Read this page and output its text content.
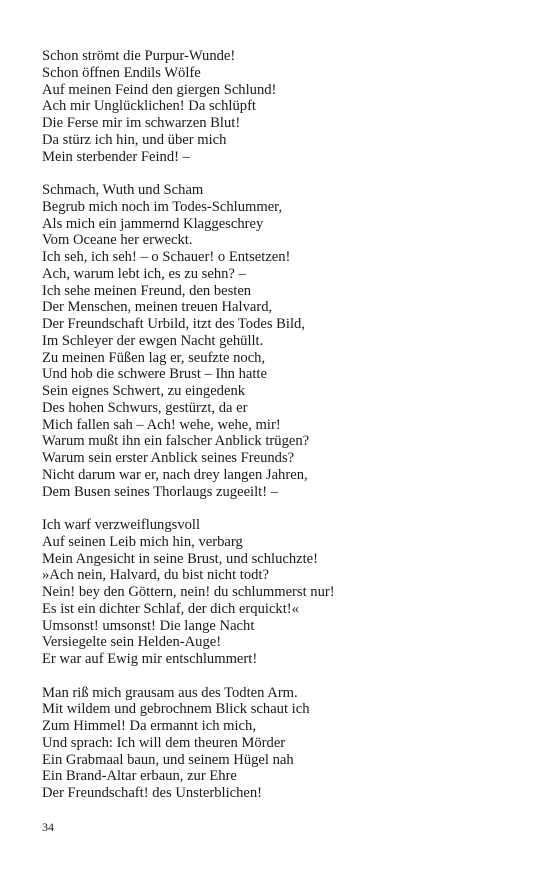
Schon strömt die Purpur-Wunde!
Schon öffnen Endils Wölfe
Auf meinen Feind den giergen Schlund!
Ach mir Unglücklichen! Da schlüpft
Die Ferse mir im schwarzen Blut!
Da stürz ich hin, und über mich
Mein sterbender Feind! –
Schmach, Wuth und Scham
Begrub mich noch im Todes-Schlummer,
Als mich ein jammernd Klaggeschrey
Vom Oceane her erweckt.
Ich seh, ich seh! – o Schauer! o Entsetzen!
Ach, warum lebt ich, es zu sehn? –
Ich sehe meinen Freund, den besten
Der Menschen, meinen treuen Halvard,
Der Freundschaft Urbild, itzt des Todes Bild,
Im Schleyer der ewgen Nacht gehüllt.
Zu meinen Füßen lag er, seufzte noch,
Und hob die schwere Brust – Ihn hatte
Sein eignes Schwert, zu eingedenk
Des hohen Schwurs, gestürzt, da er
Mich fallen sah – Ach! wehe, wehe, mir!
Warum mußt ihn ein falscher Anblick trügen?
Warum sein erster Anblick seines Freunds?
Nicht darum war er, nach drey langen Jahren,
Dem Busen seines Thorlaugs zugeeilt! –
Ich warf verzweiflungsvoll
Auf seinen Leib mich hin, verbarg
Mein Angesicht in seine Brust, und schluchzte!
»Ach nein, Halvard, du bist nicht todt?
Nein! bey den Göttern, nein! du schlummerst nur!
Es ist ein dichter Schlaf, der dich erquickt!«
Umsonst! umsonst! Die lange Nacht
Versiegelte sein Helden-Auge!
Er war auf Ewig mir entschlummert!
Man riß mich grausam aus des Todten Arm.
Mit wildem und gebrochnem Blick schaut ich
Zum Himmel! Da ermannt ich mich,
Und sprach: Ich will dem theuren Mörder
Ein Grabmaal baun, und seinem Hügel nah
Ein Brand-Altar erbaun, zur Ehre
Der Freundschaft! des Unsterblichen!
34
